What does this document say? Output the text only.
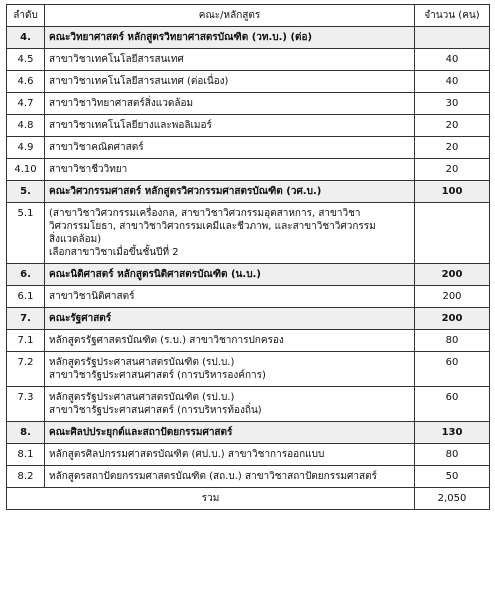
ลำดับ	คณะ/หลักสูตร	จำนวน (คน)
4.	คณะวิทยาศาสตร์ หลักสูตรวิทยาศาสตรบัณฑิต (วท.บ.) (ต่อ)	

4.5	สาขาวิชาเทคโนโลยีสารสนเทศ	40
4.6	สาขาวิชาเทคโนโลยีสารสนเทศ (ต่อเนื่อง)	40
4.7	สาขาวิชาวิทยาศาสตร์สิ่งแวดล้อม	30
4.8	สาขาวิชาเทคโนโลยียางและพอลิเมอร์	20
4.9	สาขาวิชาคณิตศาสตร์	20
4.10	สาขาวิชาชีววิทยา	20
5.	คณะวิศวกรรมศาสตร์ หลักสูตรวิศวกรรมศาสตรบัณฑิต (วศ.บ.)	100
5.1	(สาขาวิชาวิศวกรรมเครื่องกล, สาขาวิชาวิศวกรรมอุตสาหการ, สาขาวิชา
วิศวกรรมโยธา, สาขาวิชาวิศวกรรมเคมีและชีวภาพ, และสาขาวิชาวิศวกรรม
สิ่งแวดล้อม)
เลือกสาขาวิชาเมื่อขึ้นชั้นปีที่ 2	

6.	คณะนิติศาสตร์ หลักสูตรนิติศาสตรบัณฑิต (น.บ.)	200
6.1	สาขาวิชานิติศาสตร์	200
7.	คณะรัฐศาสตร์	200
7.1	หลักสูตรรัฐศาสตรบัณฑิต (ร.บ.) สาขาวิชาการปกครอง	80
7.2	หลักสูตรรัฐประศาสนศาสตรบัณฑิต (รป.บ.)
สาขาวิชารัฐประศาสนศาสตร์ (การบริหารองค์การ)	60
7.3	หลักสูตรรัฐประศาสนศาสตรบัณฑิต (รป.บ.)
สาขาวิชารัฐประศาสนศาสตร์ (การบริหารท้องถิ่น)	60
8.	คณะศิลปประยุกต์และสถาปัตยกรรมศาสตร์	130
8.1	หลักสูตรศิลปกรรมศาสตรบัณฑิต (ศป.บ.) สาขาวิชาการออกแบบ	80
8.2	หลักสูตรสถาปัตยกรรมศาสตรบัณฑิต (สถ.บ.) สาขาวิชาสถาปัตยกรรมศาสตร์	50
รวม		2,050
